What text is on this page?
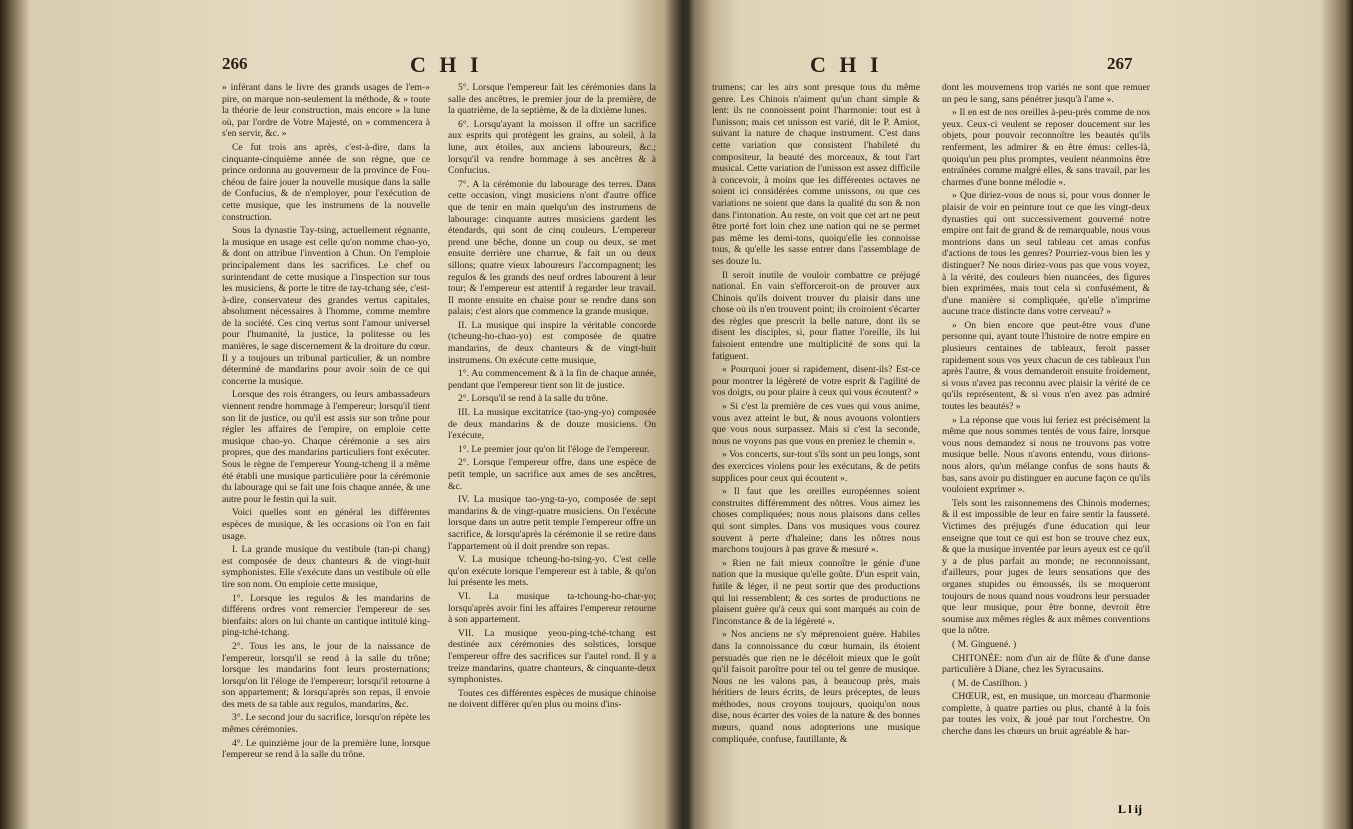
266	C H I

» inférant dans le livre des grands usages de l'em-» pire, on marque non-seulement la méthode, & » toute la théorie de leur construction, mais encore » la lune où, par l'ordre de Votre Majesté, on » commencera à s'en servir, &c. »

Ce fut trois ans après, c'est-à-dire, dans la cinquante-cinquième année de son règne, que ce prince ordonna au gouverneur de la province de Fou-chéou de faire jouer la nouvelle musique dans la salle de Confucius, & de n'employer, pour l'exécution de cette musique, que les instrumens de la nouvelle construction.

Sous la dynastie Tay-tsing, actuellement régnante, la musique en usage est celle qu'on nomme chao-yo, & dont on attribue l'invention à Chun. On l'emploie principalement dans les sacrifices. Le chef ou surintendant de cette musique a l'inspection sur tous les musiciens, & porte le titre de tay-tchang sée, c'est-à-dire, conservateur des grandes vertus capitales, absolument nécessaires à l'homme, comme membre de la société. Ces cinq vertus sont l'amour universel pour l'humanité, la justice, la politesse ou les manières, le sage discernement & la droiture du cœur. Il y a toujours un tribunal particulier, & un nombre déterminé de mandarins pour avoir soin de ce qui concerne la musique.

Lorsque des rois étrangers, ou leurs ambassadeurs viennent rendre hommage à l'empereur; lorsqu'il tient son lit de justice, ou qu'il est assis sur son trône pour régler les affaires de l'empire, on emploie cette musique chao-yo. Chaque cérémonie a ses airs propres, que des mandarins particuliers font exécuter. Sous le règne de l'empereur Young-tcheng il a même été établi une musique particulière pour la cérémonie du labourage qui se fait une fois chaque année, & une autre pour le festin qui la suit.

Voici quelles sont en général les différentes espèces de musique, & les occasions où l'on en fait usage.

I. La grande musique du vestibule (tan-pi chang) est composée de deux chanteurs & de vingt-huit symphonistes. Elle s'exécute dans un vestibule où elle tire son nom. On emploie cette musique,

1°. Lorsque les regulos & les mandarins de différens ordres vont remercier l'empereur de ses bienfaits: alors on lui chante un cantique intitulé king-ping-tché-tchang.

2°. Tous les ans, le jour de la naissance de l'empereur, lorsqu'il se rend à la salle du trône; lorsque les mandarins font leurs prosternations; lorsqu'on lit l'éloge de l'empereur; lorsqu'il retourne à son appartement; & lorsqu'après son repas, il envoie des mets de sa table aux regulos, mandarins, &c.

3°. Le second jour du sacrifice, lorsqu'on répète les mêmes cérémonies.

4°. Le quinzième jour de la première lune, lorsque l'empereur se rend à la salle du trône.

5°. Lorsque l'empereur fait les cérémonies dans la salle des ancêtres, le premier jour de la première, de la quatrième, de la septième, & de la dixième lunes.

6°. Lorsqu'ayant la moisson il offre un sacrifice aux esprits qui protègent les grains, au soleil, à la lune, aux étoiles, aux anciens laboureurs, &c.; lorsqu'il va rendre hommage à ses ancêtres & à Confucius.

7°. A la cérémonie du labourage des terres. Dans cette occasion, vingt musiciens n'ont d'autre office que de tenir en main quelqu'un des instrumens de labourage: cinquante autres musiciens gardent les étendards, qui sont de cinq couleurs. L'empereur prend une bêche, donne un coup ou deux, se met ensuite derrière une charrue, & fait un ou deux sillons; quatre vieux laboureurs l'accompagnent; les regulos & les grands des neuf ordres labourent à leur tour; & l'empereur est attentif à regarder leur travail. Il monte ensuite en chaise pour se rendre dans son palais; c'est alors que commence la grande musique.

II. La musique qui inspire la véritable concorde (tcheung-ho-chao-yo) est composée de quatre mandarins, de deux chanteurs & de vingt-huit instrumens. On exécute cette musique,

1°. Au commencement & à la fin de chaque année, pendant que l'empereur tient son lit de justice.

2°. Lorsqu'il se rend à la salle du trône.

III. La musique excitatrice (tao-yng-yo) composée de deux mandarins & de douze musiciens. On l'exécute,

1°. Le premier jour qu'on lit l'éloge de l'empereur.

2°. Lorsque l'empereur offre, dans une espèce de petit temple, un sacrifice aux ames de ses ancêtres, &c.

IV. La musique tao-yng-ta-yo, composée de sept mandarins & de vingt-quatre musiciens. On l'exécute lorsque dans un autre petit temple l'empereur offre un sacrifice, & lorsqu'après la cérémonie il se retire dans l'appartement où il doit prendre son repas.

V. La musique tcheung-ho-tsing-yo. C'est celle qu'on exécute lorsque l'empereur est à table, & qu'on lui présente les mets.

VI. La musique ta-tchoung-ho-char-yo; lorsqu'après avoir fini les affaires l'empereur retourne à son appartement.

VII. La musique yeou-ping-tché-tchang est destinée aux cérémonies des solstices, lorsque l'empereur offre des sacrifices sur l'autel rond. Il y a treize mandarins, quatre chanteurs, & cinquante-deux symphonistes.

Toutes ces différentes espèces de musique chinoise ne doivent différer qu'en plus ou moins d'ins-

C H I	267

trumens; car les airs sont presque tous du même genre. Les Chinois n'aiment qu'un chant simple & lent: ils ne connoissent point l'harmonie: tout est à l'unisson; mais cet unisson est varié, dit le P. Amiot, suivant la nature de chaque instrument. C'est dans cette variation que consistent l'habileté du compositeur, la beauté des morceaux, & tout l'art musical. Cette variation de l'unisson est assez difficile à concevoir, à moins que les différentes octaves ne soient ici considérées comme unissons, ou que ces variations ne soient que dans la qualité du son & non dans l'intonation. Au reste, on voit que cet art ne peut être porté fort loin chez une nation qui ne se permet pas même les demi-tons, quoiqu'elle les connoisse tous, & qu'elle les sasse entrer dans l'assemblage de ses douze lu.

Il seroit inutile de vouloir combattre ce préjugé national. En vain s'efforceroit-on de prouver aux Chinois qu'ils doivent trouver du plaisir dans une chose où ils n'en trouvent point; ils croiroient s'écarter des règles que prescrit la belle nature, dont ils se disent les disciples, si, pour flatter l'oreille, ils lui faisoient entendre une multiplicité de sons qui la fatiguent.

« Pourquoi jouer si rapidement, disent-ils? Est-ce pour montrer la légèreté de votre esprit & l'agilité de vos doigts, ou pour plaire à ceux qui vous écoutent? »

» Si c'est la première de ces vues qui vous anime, vous avez atteint le but, & nous avouons volontiers que vous nous surpassez. Mais si c'est la seconde, nous ne voyons pas que vous en preniez le chemin ».

» Vos concerts, sur-tout s'ils sont un peu longs, sont des exercices violens pour les exécutans, & de petits supplices pour ceux qui écoutent ».

» Il faut que les oreilles européennes soient construites différemment des nôtres. Vous aimez les choses compliquées; nous nous plaisons dans celles qui sont simples. Dans vos musiques vous courez souvent à perte d'haleine; dans les nôtres nous marchons toujours à pas grave & mesuré ».

» Rien ne fait mieux connoître le génie d'une nation que la musique qu'elle goûte. D'un esprit vain, futile & léger, il ne peut sortir que des productions qui lui ressemblent; & ces sortes de productions ne plaisent guère qu'à ceux qui sont marqués au coin de l'inconstance & de la légèreté ».

» Nos anciens ne s'y méprenoient guère. Habiles dans la connoissance du cœur humain, ils étoient persuadés que rien ne le décéloit mieux que le goût qu'il faisoit paroître pour tel ou tel genre de musique. Nous ne les valons pas, à beaucoup près, mais héritiers de leurs écrits, de leurs préceptes, de leurs méthodes, nous croyons toujours, quoiqu'on nous dise, nous écarter des voies de la nature & des bonnes mœurs, quand nous adopterions une musique compliquée, confuse, fautillante, &

dont les mouvemens trop variés ne sont que remuer un peu le sang, sans pénétrer jusqu'à l'ame ».

» Il en est de nos oreilles à-peu-près comme de nos yeux. Ceux-ci veulent se reposer doucement sur les objets, pour pouvoir reconnoître les beautés qu'ils renferment, les admirer & en être émus: celles-là, quoiqu'un peu plus promptes, veulent néanmoins être entraînées comme malgré elles, & sans travail, par les charmes d'une bonne mélodie ».

» Que diriez-vous de nous si, pour vous donner le plaisir de voir en peinture tout ce que les vingt-deux dynasties qui ont successivement gouverné notre empire ont fait de grand & de remarquable, nous vous montrions dans un seul tableau cet amas confus d'actions de tous les genres? Pourriez-vous bien les y distinguer? Ne nous diriez-vous pas que vous voyez, à la vérité, des couleurs bien nuancées, des figures bien exprimées, mais tout cela si confusément, & d'une manière si compliquée, qu'elle n'imprime aucune trace distincte dans votre cerveau? »

» On bien encore que peut-être vous d'une personne qui, ayant toute l'histoire de notre empire en plusieurs centaines de tableaux, feroit passer rapidement sous vos yeux chacun de ces tableaux l'un après l'autre, & vous demanderoit ensuite froidement, si vous n'avez pas reconnu avec plaisir la vérité de ce qu'ils représentent, & si vous n'en avez pas admiré toutes les beautés? »

» La réponse que vous lui feriez est précisément la même que nous sommes tentés de vous faire, lorsque vous nous demandez si nous ne trouvons pas votre musique belle. Nous n'avons entendu, vous dirions-nous alors, qu'un mélange confus de sons hauts & bas, sans avoir pu distinguer en aucune façon ce qu'ils vouloient exprimer ».

Tels sont les raisonnemens des Chinois modernes; & il est impossible de leur en faire sentir la fausseté. Victimes des préjugés d'une éducation qui leur enseigne que tout ce qui est bon se trouve chez eux, & que la musique inventée par leurs ayeux est ce qu'il y a de plus parfait au monde; ne reconnoissant, d'ailleurs, pour juges de leurs sensations que des organes stupides ou émoussés, ils se moqueront toujours de nous quand nous voudrons leur persuader que leur musique, pour être bonne, devroit être soumise aux mêmes règles & aux mêmes conventions que la nôtre.

( M. Ginguené. )

CHITONÉE: nom d'un air de flûte & d'une danse particulière à Diane, chez les Syracusains.

( M. de Castilhon. )

CHŒUR, est, en musique, un morceau d'harmonie complette, à quatre parties ou plus, chanté à la fois par toutes les voix, & joué par tout l'orchestre. On cherche dans les chœurs un bruit agréable & har-

L l ij
